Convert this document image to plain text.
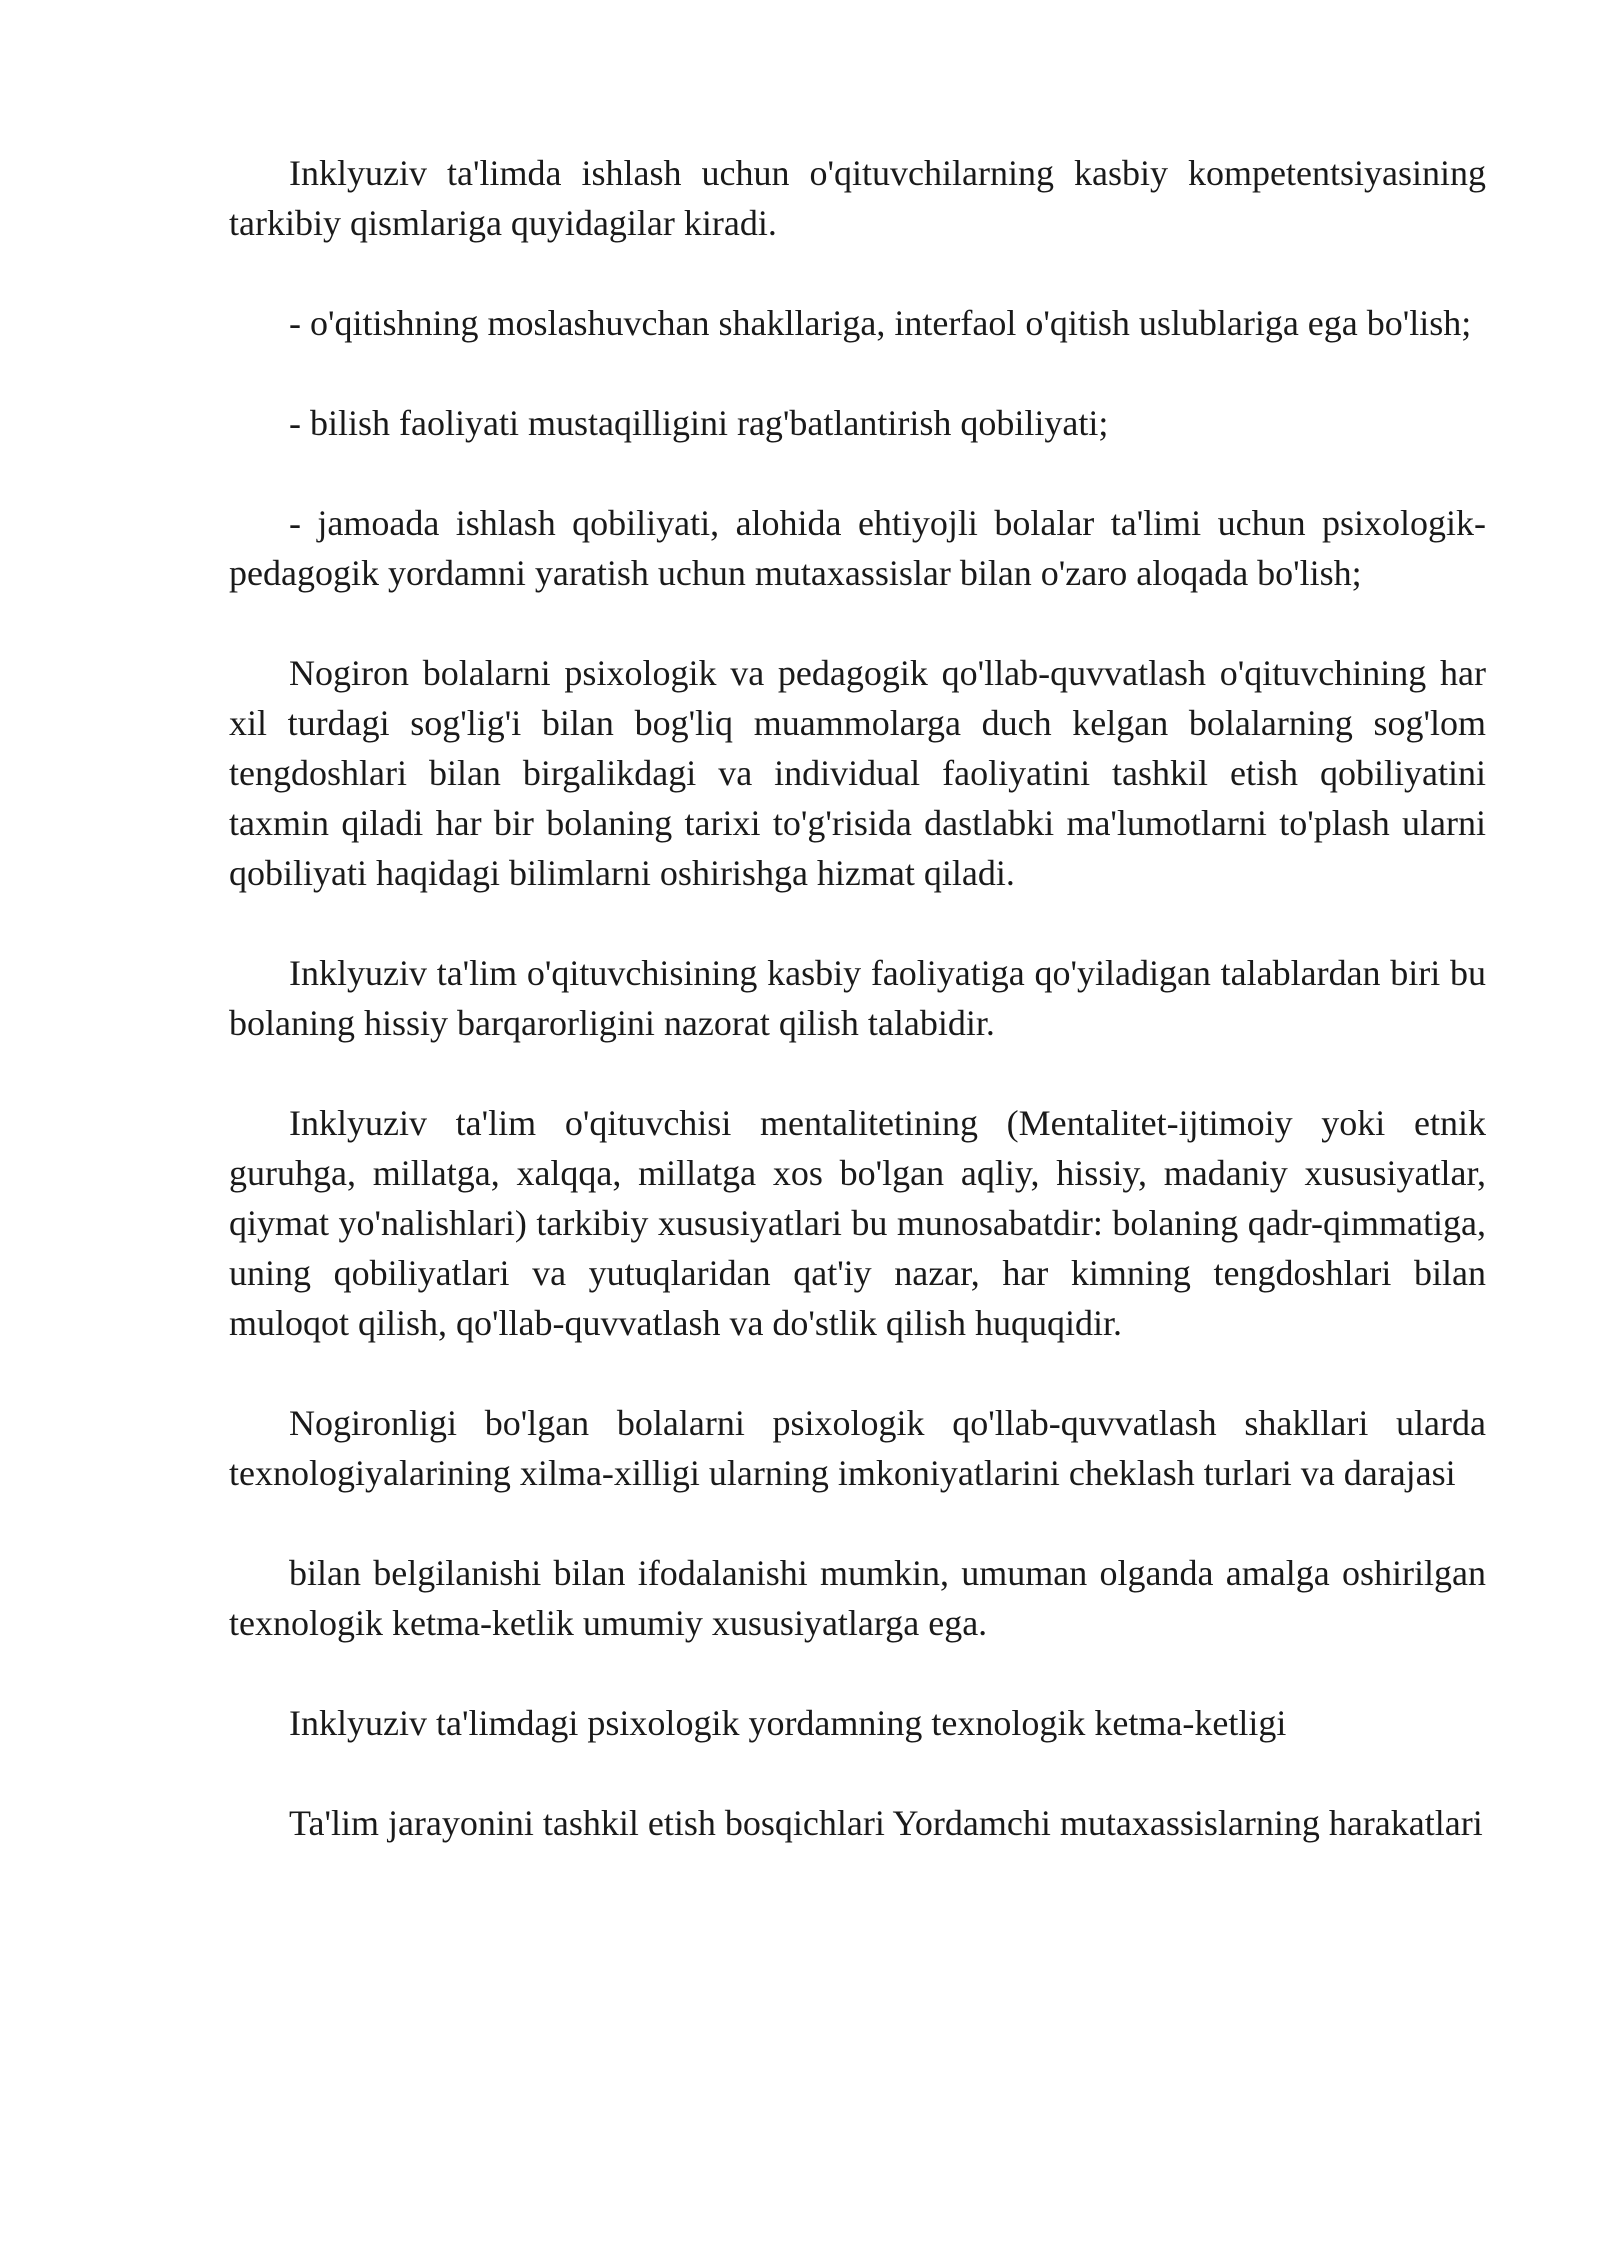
Inklyuziv ta'limda ishlash uchun o'qituvchilarning kasbiy kompetentsiyasining tarkibiy qismlariga quyidagilar kiradi.

- o'qitishning moslashuvchan shakllariga, interfaol o'qitish uslublariga ega bo'lish;

- bilish faoliyati mustaqilligini rag'batlantirish qobiliyati;

- jamoada ishlash qobiliyati, alohida ehtiyojli bolalar ta'limi uchun psixologik-pedagogik yordamni yaratish uchun mutaxassislar bilan o'zaro aloqada bo'lish;

Nogiron bolalarni psixologik va pedagogik qo'llab-quvvatlash o'qituvchining har xil turdagi sog'lig'i bilan bog'liq muammolarga duch kelgan bolalarning sog'lom tengdoshlari bilan birgalikdagi va individual faoliyatini tashkil etish qobiliyatini taxmin qiladi har bir bolaning tarixi to'g'risida dastlabki ma'lumotlarni to'plash ularni qobiliyati haqidagi bilimlarni oshirishga hizmat qiladi.

Inklyuziv ta'lim o'qituvchisining kasbiy faoliyatiga qo'yiladigan talablardan biri bu bolaning hissiy barqarorligini nazorat qilish talabidir.

Inklyuziv ta'lim o'qituvchisi mentalitetining (Mentalitet-ijtimoiy yoki etnik guruhga, millatga, xalqqa, millatga xos bo'lgan aqliy, hissiy, madaniy xususiyatlar, qiymat yo'nalishlari) tarkibiy xususiyatlari bu munosabatdir: bolaning qadr-qimmatiga, uning qobiliyatlari va yutuqlaridan qat'iy nazar, har kimning tengdoshlari bilan muloqot qilish, qo'llab-quvvatlash va do'stlik qilish huquqidir.

Nogironligi bo'lgan bolalarni psixologik qo'llab-quvvatlash shakllari ularda texnologiyalarining xilma-xilligi ularning imkoniyatlarini cheklash turlari va darajasi

bilan belgilanishi bilan ifodalanishi mumkin, umuman olganda amalga oshirilgan texnologik ketma-ketlik umumiy xususiyatlarga ega.

Inklyuziv ta'limdagi psixologik yordamning texnologik ketma-ketligi

Ta'lim jarayonini tashkil etish bosqichlari Yordamchi mutaxassislarning harakatlari
